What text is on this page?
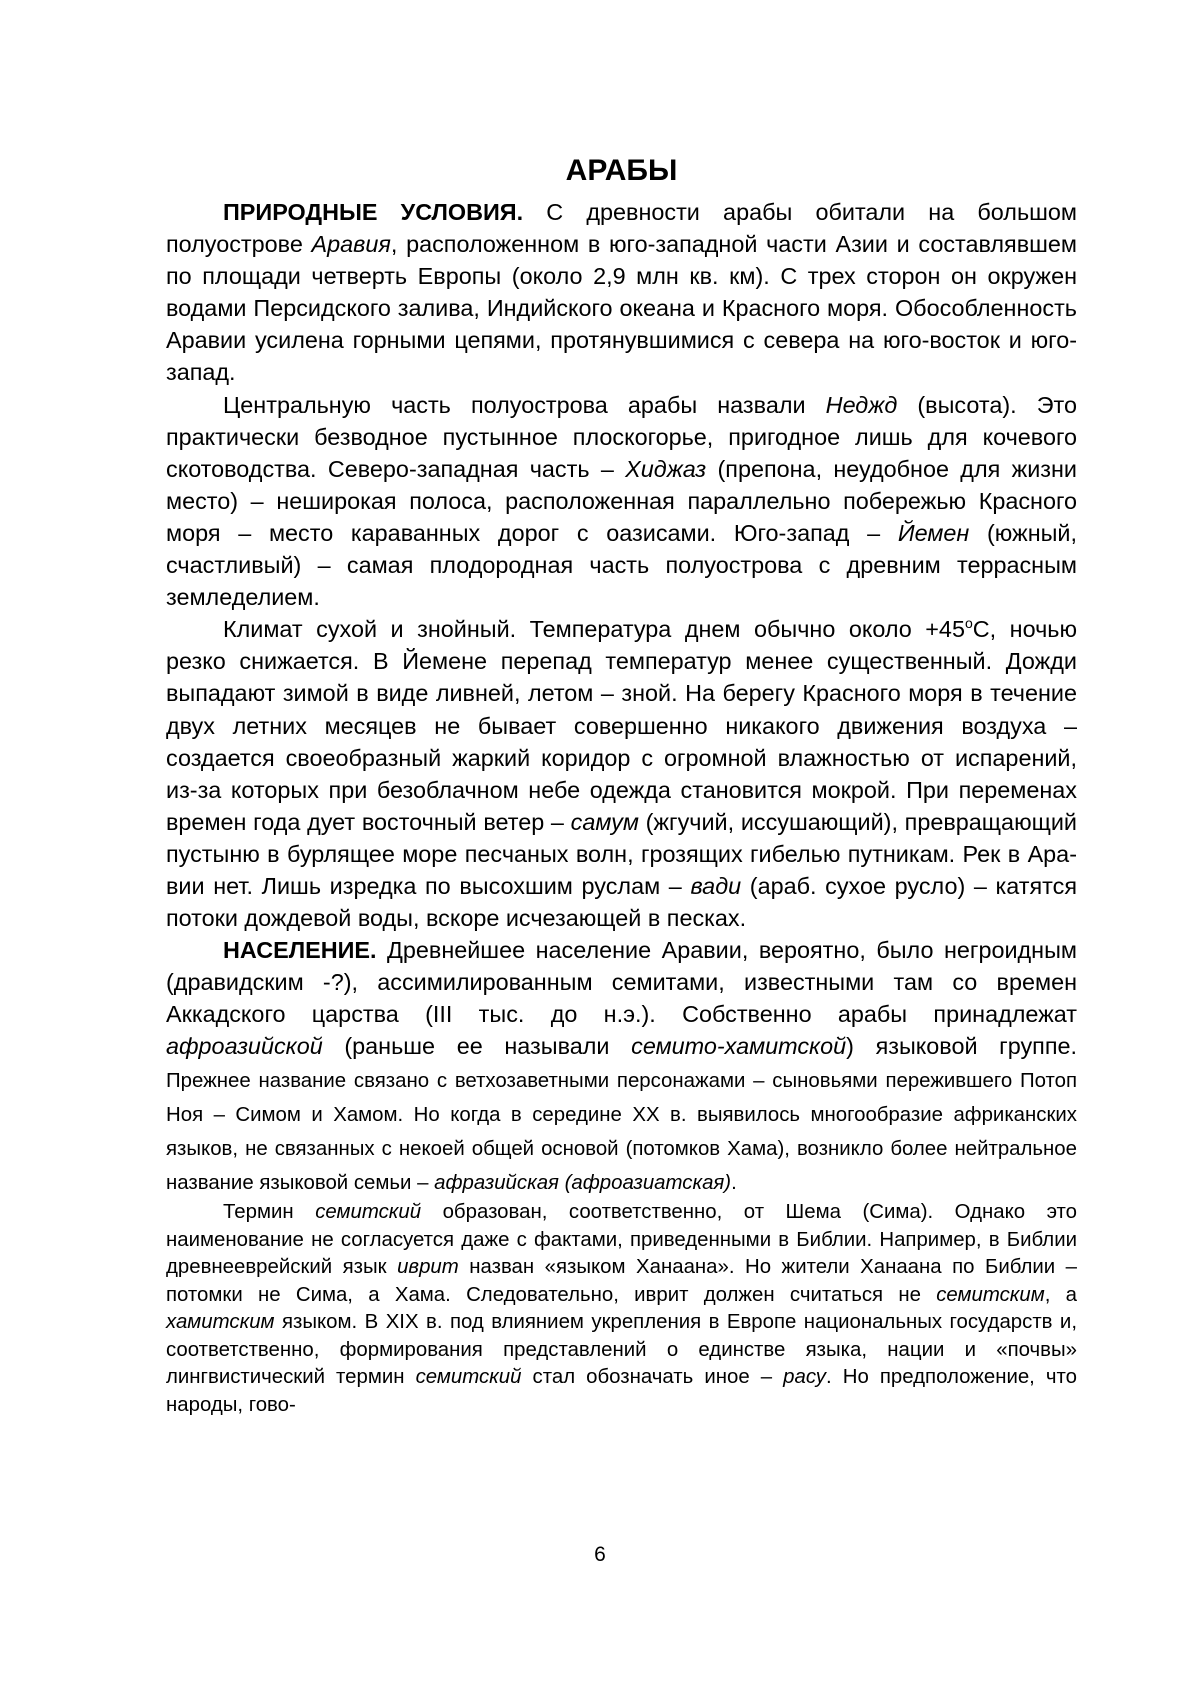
АРАБЫ

ПРИРОДНЫЕ УСЛОВИЯ. С древности арабы обитали на большом полуострове Аравия, расположенном в юго-западной части Азии и составлявшем по площади четверть Европы (около 2,9 млн кв. км). С трех сторон он окружен водами Персидского залива, Индийского океана и Красного моря. Обособленность Аравии усилена горными цепями, протянувшимися с севера на юго-восток и юго-запад.

Центральную часть полуострова арабы назвали Неджд (высота). Это практически безводное пустынное плоскогорье, пригодное лишь для кочевого скотоводства. Северо-западная часть – Хиджаз (препона, неудобное для жизни место) – неширокая полоса, расположенная параллельно побережью Красного моря – место караванных дорог с оазисами. Юго-запад – Йемен (южный, счастливый) – самая плодородная часть полуострова с древним террасным земледелием.

Климат сухой и знойный. Температура днем обычно около $+45^оС$, ночью резко снижается. В Йемене перепад температур менее существенный. Дожди выпадают зимой в виде ливней, летом – зной. На берегу Красного моря в течение двух летних месяцев не бывает совершенно никакого движения воздуха – создается своеобразный жаркий коридор с огромной влажностью от испарений, из-за которых при безоблачном небе одежда становится мокрой. При переменах времен года дует восточный ветер – самум (жгучий, иссушающий), превращающий пустыню в бурлящее море песчаных волн, грозящих гибелью путникам. Рек в Аравии нет. Лишь изредка по высохшим руслам – вади (араб. сухое русло) – катятся потоки дождевой воды, вскоре исчезающей в песках.

НАСЕЛЕНИЕ. Древнейшее население Аравии, вероятно, было негроидным (дравидским -?), ассимилированным семитами, известными там со времен Аккадского царства (III тыс. до н.э.). Собственно арабы принадлежат афроазийской (раньше ее называли семито-хамитской) языковой группе. Прежнее название связано с ветхозаветными персонажами – сыновьями пережившего Потоп Ноя – Симом и Хамом. Но когда в середине XX в. выявилось многообразие африканских языков, не связанных с некоей общей основой (потомков Хама), возникло более нейтральное название языковой семьи – афразийская (афроазиатская).

Термин семитский образован, соответственно, от Шема (Сима). Однако это наименование не согласуется даже с фактами, приведенными в Библии. Например, в Библии древнееврейский язык иврит назван «языком Ханаана». Но жители Ханаана по Библии – потомки не Сима, а Хама. Следовательно, иврит должен считаться не семитским, а хамитским языком. В XIX в. под влиянием укрепления в Европе национальных государств и, соответственно, формирования представлений о единстве языка, нации и «почвы» лингвистический термин семитский стал обозначать иное – расу. Но предположение, что народы, гово-

6
